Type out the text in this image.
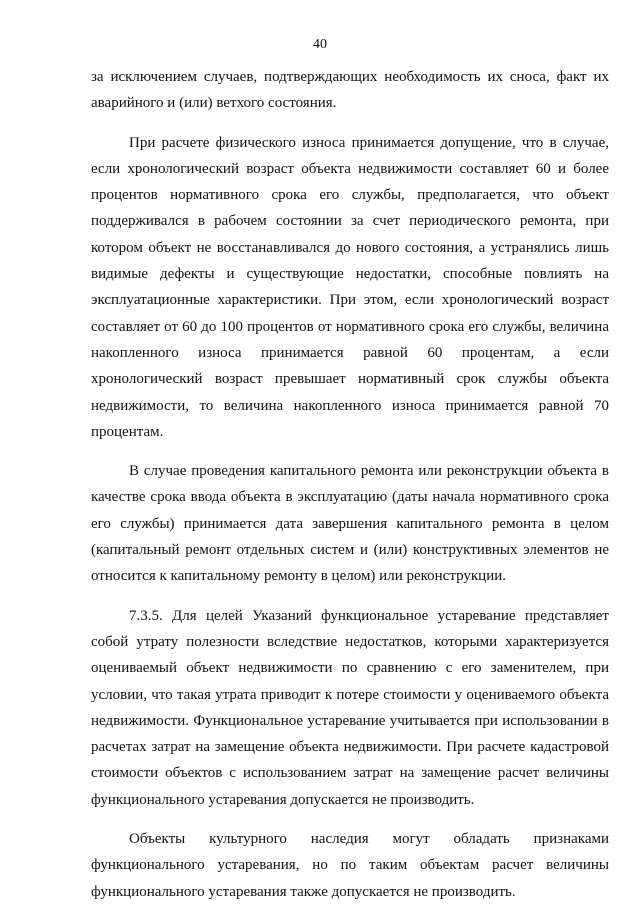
40

за исключением случаев, подтверждающих необходимость их сноса, факт их аварийного и (или) ветхого состояния.

При расчете физического износа принимается допущение, что в случае, если хронологический возраст объекта недвижимости составляет 60 и более процентов нормативного срока его службы, предполагается, что объект поддерживался в рабочем состоянии за счет периодического ремонта, при котором объект не восстанавливался до нового состояния, а устранялись лишь видимые дефекты и существующие недостатки, способные повлиять на эксплуатационные характеристики. При этом, если хронологический возраст составляет от 60 до 100 процентов от нормативного срока его службы, величина накопленного износа принимается равной 60 процентам, а если хронологический возраст превышает нормативный срок службы объекта недвижимости, то величина накопленного износа принимается равной 70 процентам.

В случае проведения капитального ремонта или реконструкции объекта в качестве срока ввода объекта в эксплуатацию (даты начала нормативного срока его службы) принимается дата завершения капитального ремонта в целом (капитальный ремонт отдельных систем и (или) конструктивных элементов не относится к капитальному ремонту в целом) или реконструкции.

7.3.5. Для целей Указаний функциональное устаревание представляет собой утрату полезности вследствие недостатков, которыми характеризуется оцениваемый объект недвижимости по сравнению с его заменителем, при условии, что такая утрата приводит к потере стоимости у оцениваемого объекта недвижимости. Функциональное устаревание учитывается при использовании в расчетах затрат на замещение объекта недвижимости. При расчете кадастровой стоимости объектов с использованием затрат на замещение расчет величины функционального устаревания допускается не производить.

Объекты культурного наследия могут обладать признаками функционального устаревания, но по таким объектам расчет величины функционального устаревания также допускается не производить.
